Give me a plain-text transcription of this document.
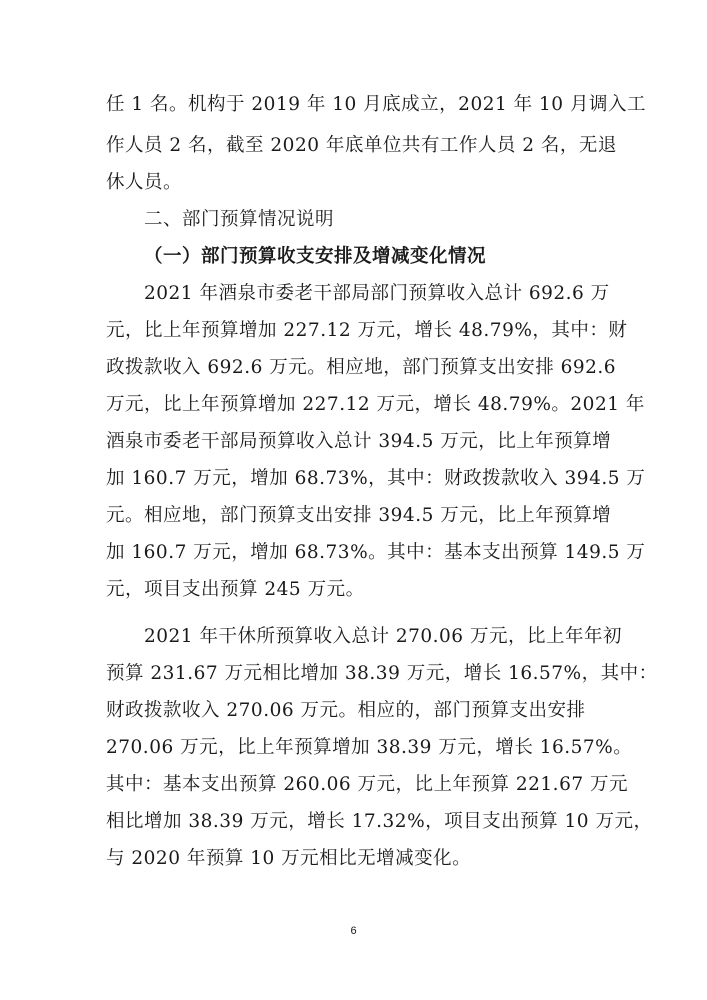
任 1 名。机构于 2019 年 10 月底成立，2021 年 10 月调入工
作人员 2 名，截至 2020 年底单位共有工作人员 2 名，无退
休人员。
二、部门预算情况说明
（一）部门预算收支安排及增减变化情况
2021 年酒泉市委老干部局部门预算收入总计 692.6 万
元，比上年预算增加 227.12 万元，增长 48.79%，其中：财
政拨款收入 692.6 万元。相应地，部门预算支出安排 692.6
万元，比上年预算增加 227.12 万元，增长 48.79%。2021 年
酒泉市委老干部局预算收入总计 394.5 万元，比上年预算增
加 160.7 万元，增加 68.73%，其中：财政拨款收入 394.5 万
元。相应地，部门预算支出安排 394.5 万元，比上年预算增
加 160.7 万元，增加 68.73%。其中：基本支出预算 149.5 万
元，项目支出预算 245 万元。
2021 年干休所预算收入总计 270.06 万元，比上年年初
预算 231.67 万元相比增加 38.39 万元，增长 16.57%，其中：
财政拨款收入 270.06 万元。相应的，部门预算支出安排
270.06 万元，比上年预算增加 38.39 万元，增长 16.57%。
其中：基本支出预算 260.06 万元，比上年预算 221.67 万元
相比增加 38.39 万元，增长 17.32%，项目支出预算 10 万元，
与 2020 年预算 10 万元相比无增减变化。
6
